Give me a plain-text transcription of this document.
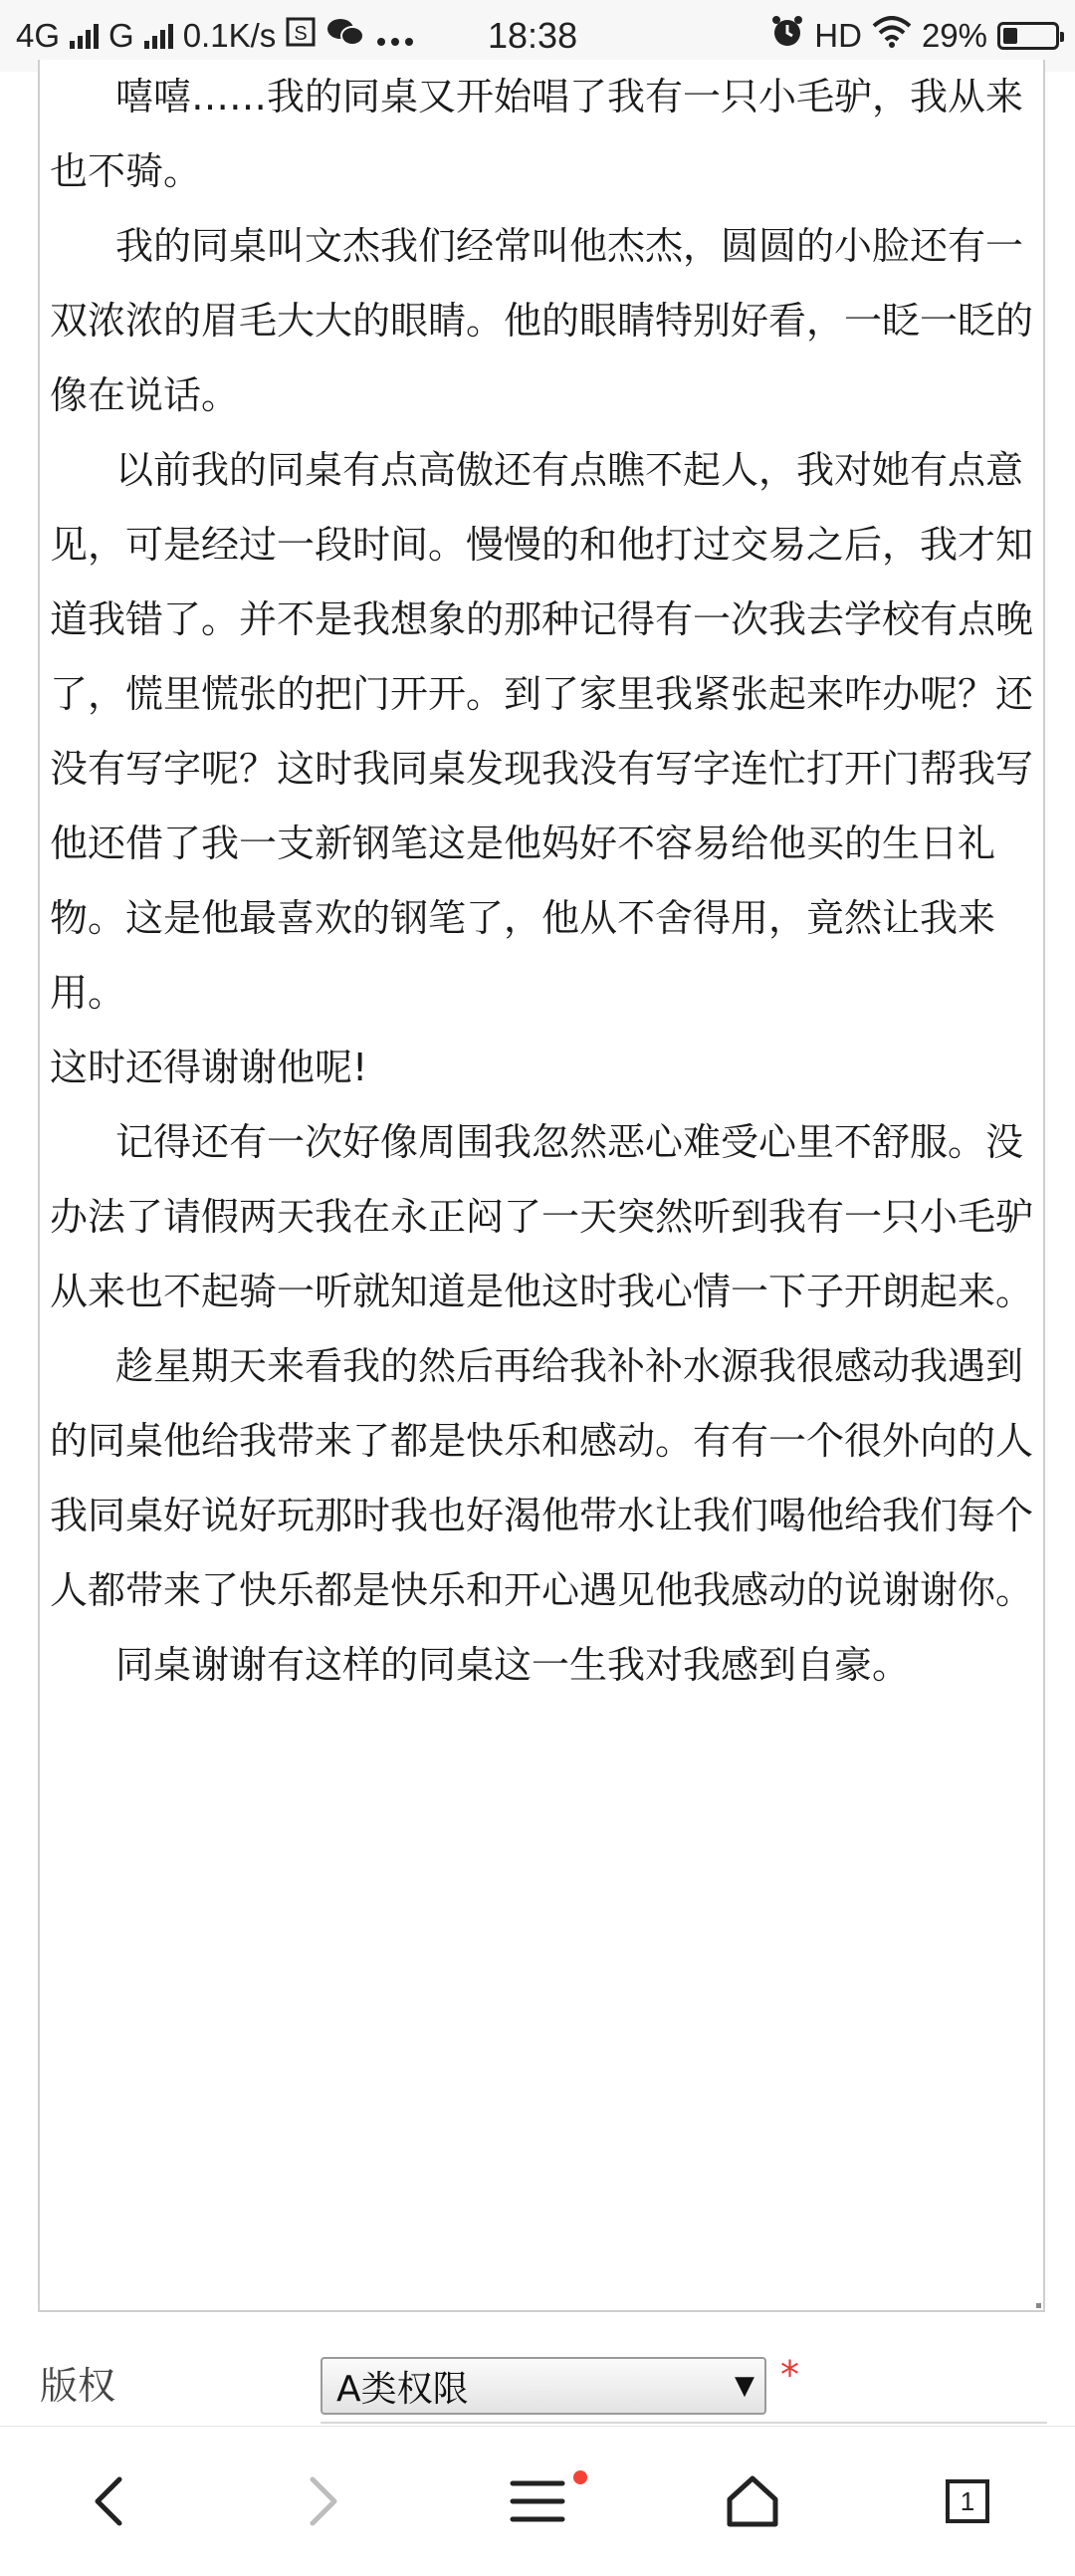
4G G 0.1K/s S	18:38	HD 29%

嘻嘻……我的同桌又开始唱了我有一只小毛驴，我从来 也不骑。

我的同桌叫文杰我们经常叫他杰杰，圆圆的小脸还有一双浓浓的眉毛大大的眼睛。他的眼睛特别好看，一眨一眨的像在说话。

以前我的同桌有点高傲还有点瞧不起人，我对她有点意见，可是经过一段时间。慢慢的和他打过交易之后，我才知道我错了。并不是我想象的那种记得有一次我去学校有点晚了，慌里慌张的把门开开。到了家里我紧张起来咋办呢？还没有写字呢？这时我同桌发现我没有写字连忙打开门帮我写他还借了我一支新钢笔这是他妈好不容易给他买的生日礼物。这是他最喜欢的钢笔了，他从不舍得用，竟然让我来用。

这时还得谢谢他呢!

记得还有一次好像周围我忽然恶心难受心里不舒服。没办法了请假两天我在永正闷了一天突然听到我有一只小毛驴从来也不起骑一听就知道是他这时我心情一下子开朗起来。

趁星期天来看我的然后再给我补补水源我很感动我遇到的同桌他给我带来了都是快乐和感动。有有一个很外向的人我同桌好说好玩那时我也好渴他带水让我们喝他给我们每个人都带来了快乐都是快乐和开心遇见他我感动的说谢谢你。

同桌谢谢有这样的同桌这一生我对我感到自豪。

版权	A类权限	▼ *
1
